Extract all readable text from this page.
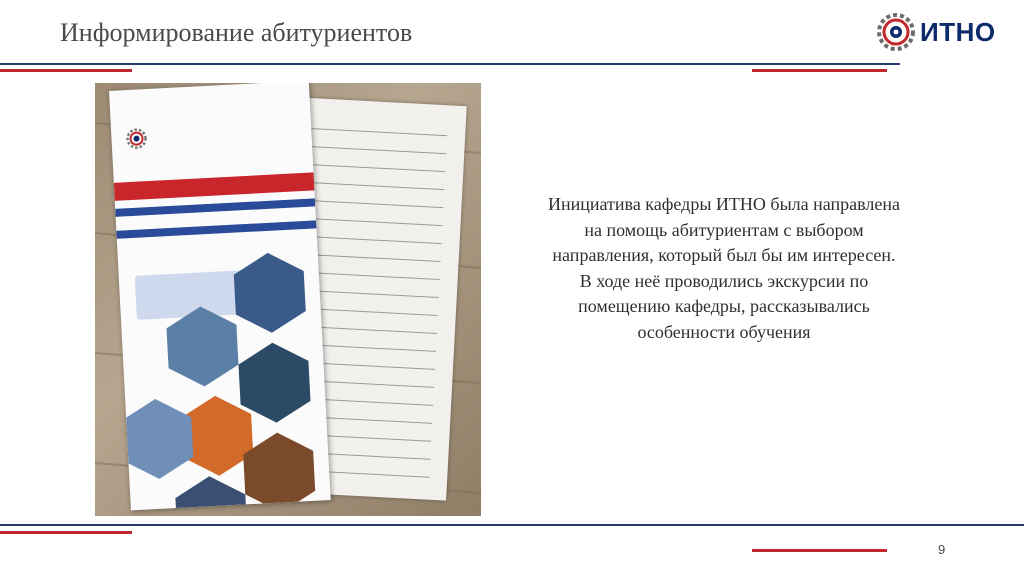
Информирование абитуриентов	ИТНО

Инициатива кафедры ИТНО была направлена на помощь абитуриентам с выбором направления, который был бы им интересен.

В ходе неё проводились экскурсии по помещению кафедры, рассказывались особенности обучения

9
